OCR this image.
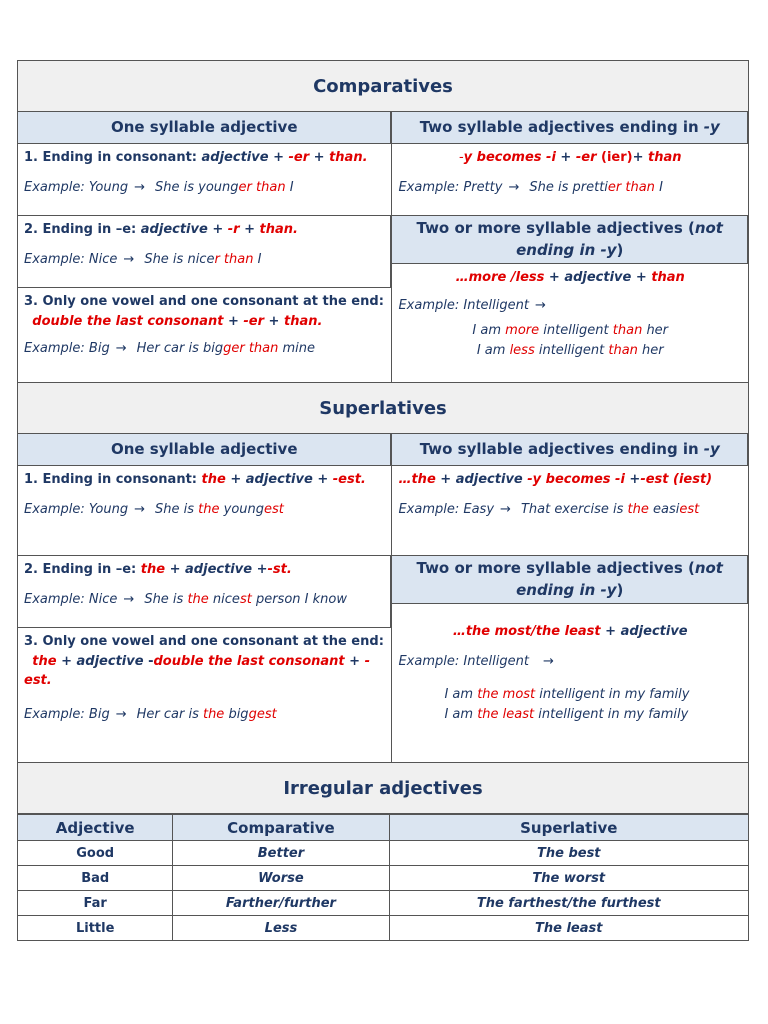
Comparatives
One syllable adjective
1. Ending in consonant: adjective + -er + than.
Example: Young → She is younger than I
2. Ending in –e: adjective + -r + than.
Example: Nice → She is nicer than I
3. Only one vowel and one consonant at the end:   double the last consonant + -er + than.
Example: Big → Her car is bigger than mine
Two syllable adjectives ending in -y
-y becomes -i + -er (ier)+ than
Example: Pretty → She is prettier than I
Two or more syllable adjectives (not
ending in -y)
…more /less + adjective + than
Example: Intelligent →
I am more intelligent than her
I am less intelligent than her
Superlatives
One syllable adjective
1. Ending in consonant: the + adjective + -est.
Example: Young → She is the youngest
2. Ending in –e: the + adjective +-st.
Example: Nice → She is the nicest person I know
3. Only one vowel and one consonant at the end:
the + adjective -double the last consonant + -est.
Example: Big → Her car is the biggest
Two syllable adjectives ending in -y
…the + adjective -y becomes -i +-est (iest)
Example: Easy → That exercise is the easiest
Two or more syllable adjectives (not
ending in -y)
…the most/the least + adjective
Example: Intelligent →
I am the most intelligent in my family
I am the least intelligent in my family
Irregular adjectives
Adjective	Comparative	Superlative
Good	Better	The best
Bad	Worse	The worst
Far	Farther/further	The farthest/the furthest
Little	Less	The least
